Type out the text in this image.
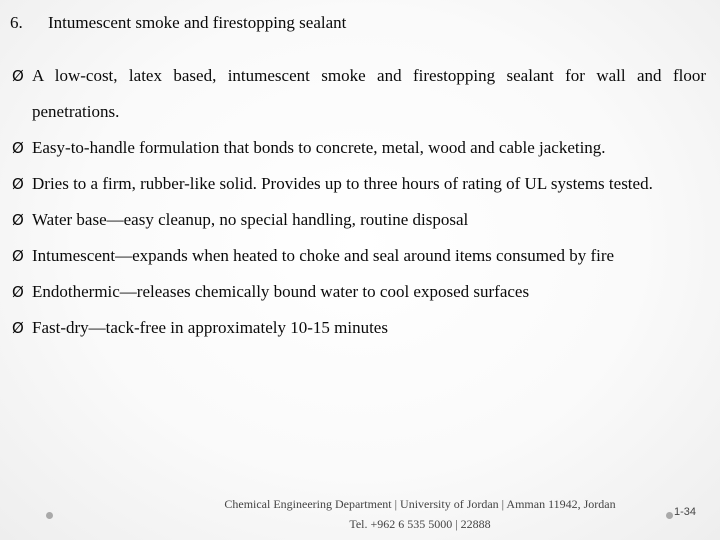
6.	Intumescent smoke and firestopping sealant
Ø A low-cost, latex based, intumescent smoke and firestopping sealant for wall and floor penetrations.
Ø Easy-to-handle formulation that bonds to concrete, metal, wood and cable jacketing.
Ø Dries to a firm, rubber-like solid. Provides up to three hours of rating of UL systems tested.
Ø Water base—easy cleanup, no special handling, routine disposal
Ø Intumescent—expands when heated to choke and seal around items consumed by fire
Ø Endothermic—releases chemically bound water to cool exposed surfaces
Ø Fast-dry—tack-free in approximately 10-15 minutes
Chemical Engineering Department | University of Jordan | Amman 11942, Jordan
Tel. +962 6 535 5000 | 22888
1-34
